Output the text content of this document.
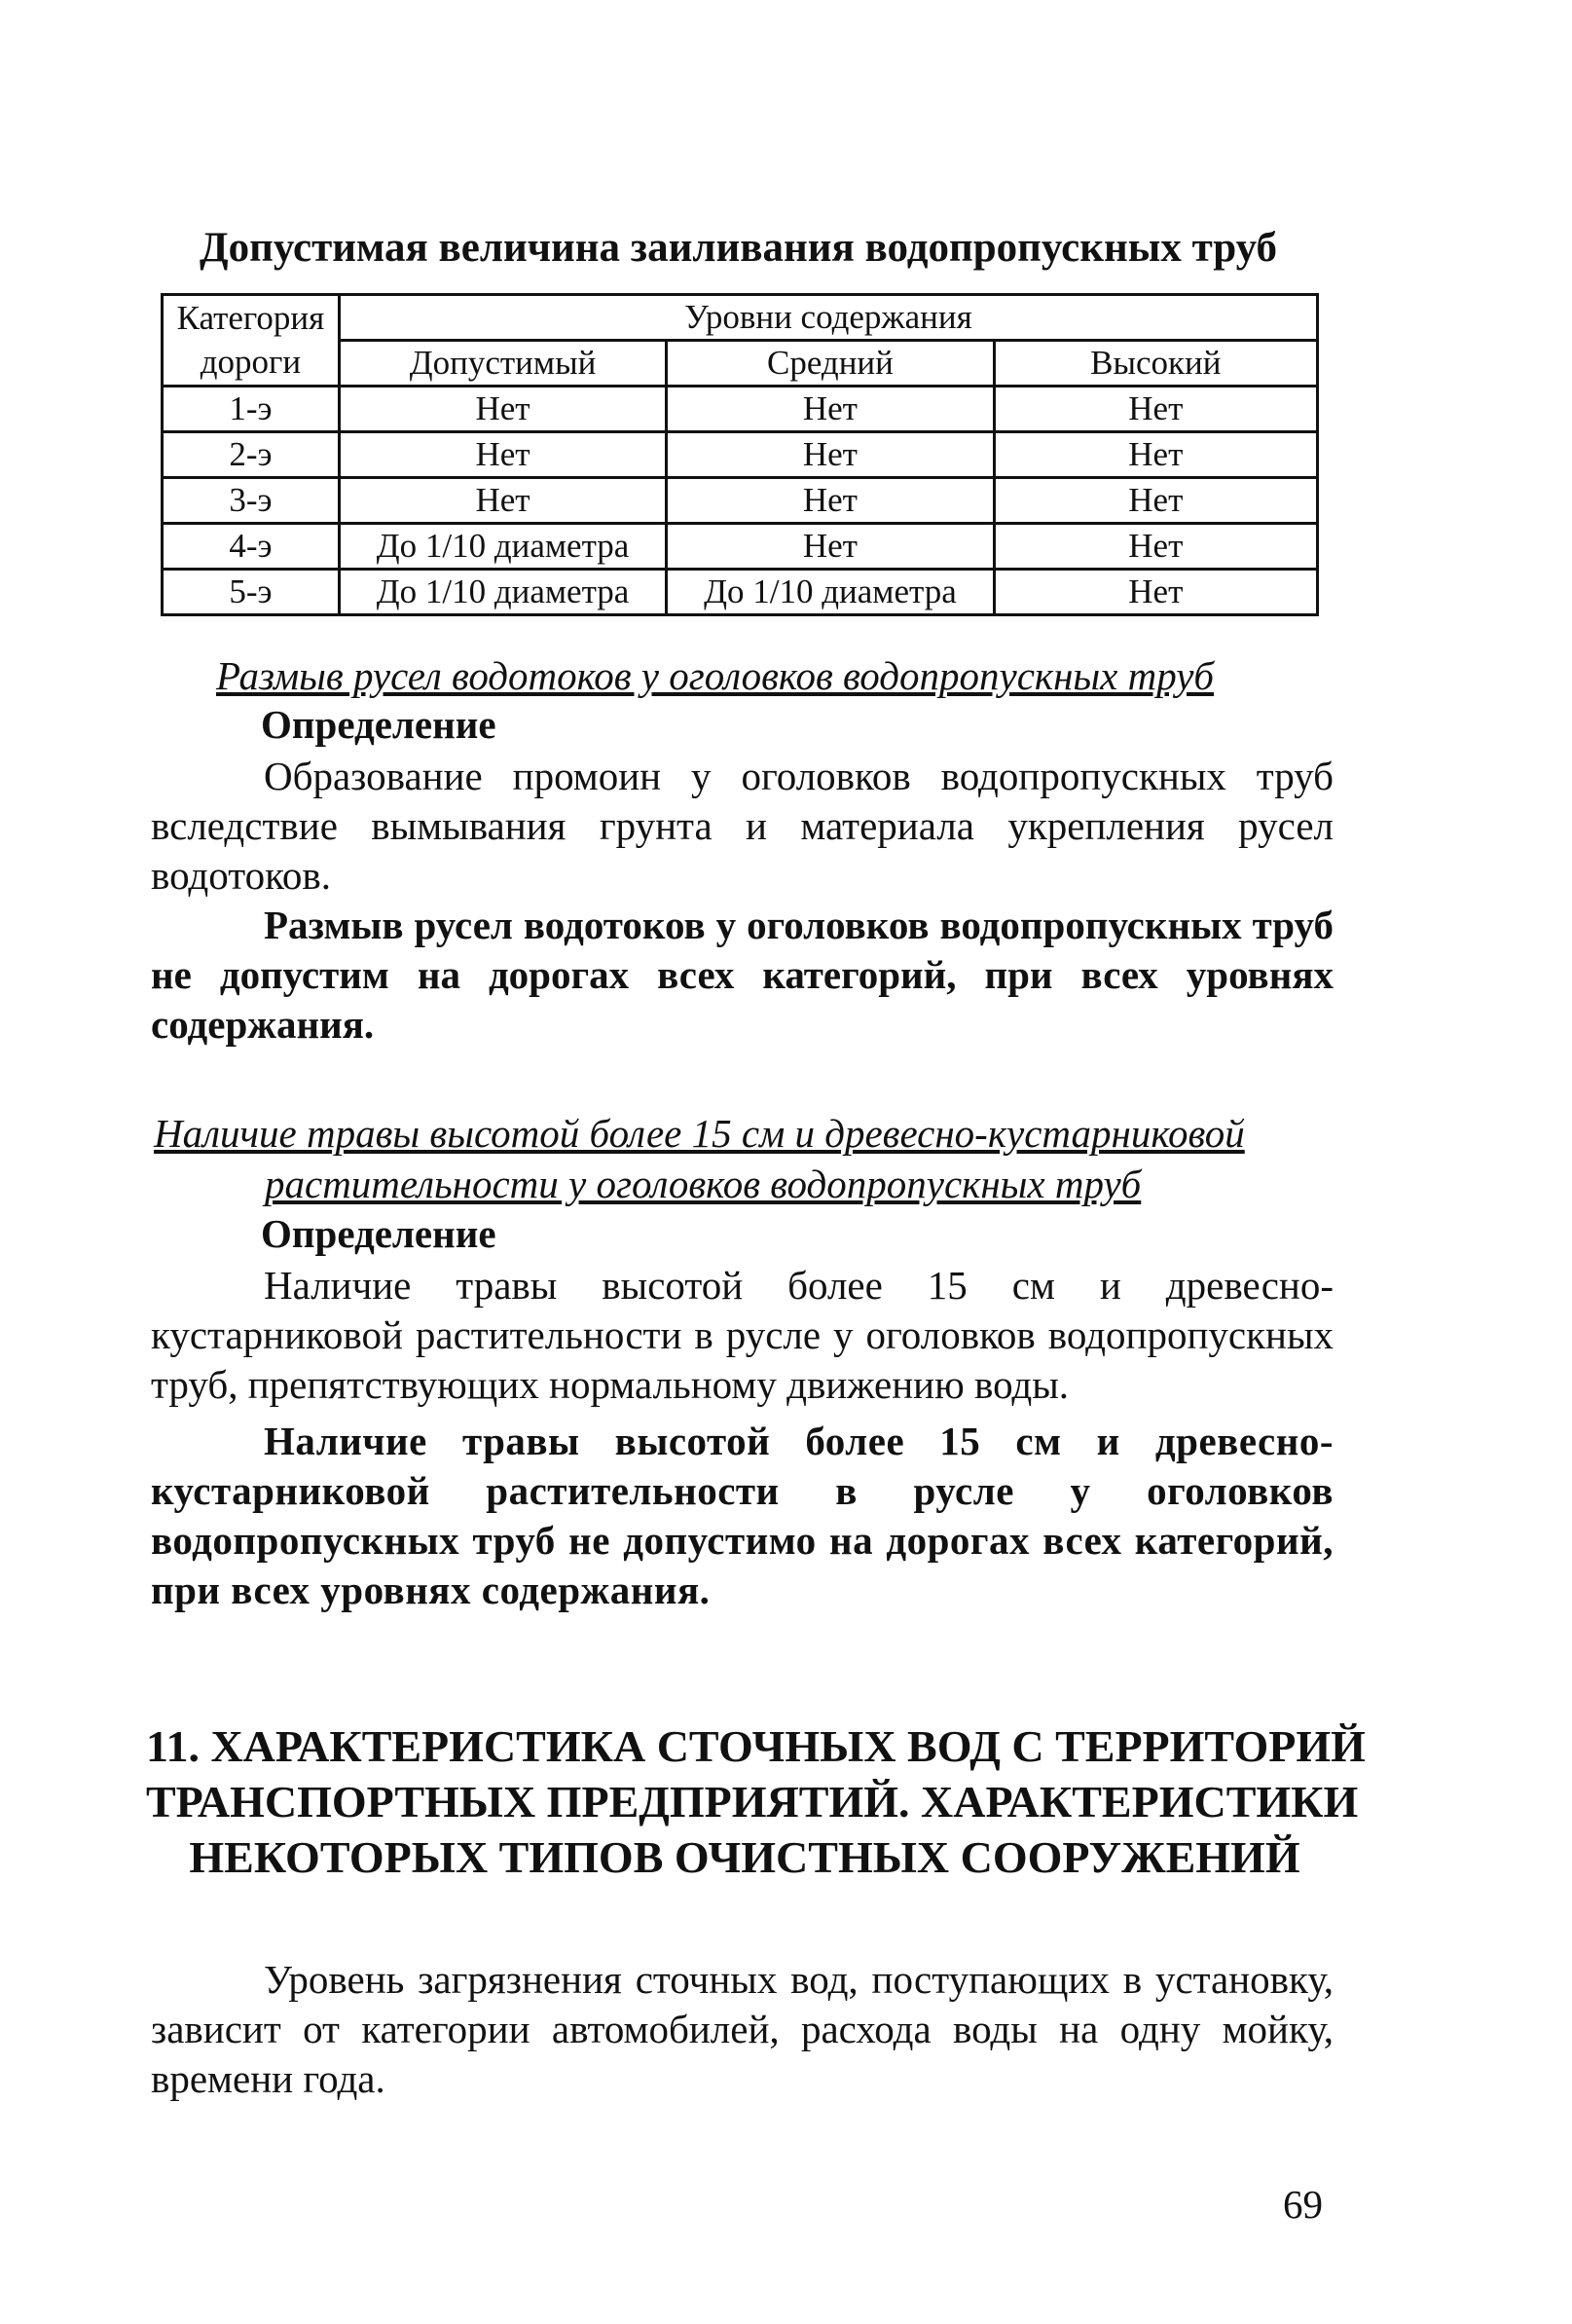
Допустимая величина заиливания водопропускных труб
Категория	Уровни содержания		
дороги	Допустимый	Средний	Высокий
1-э	Нет	Нет	Нет
2-э	Нет	Нет	Нет
3-э	Нет	Нет	Нет
4-э	До 1/10 диаметра	Нет	Нет
5-э	До 1/10 диаметра	До 1/10 диаметра	Нет
Размыв русел водотоков у оголовков водопропускных труб
Определение
Образование промоин у оголовков водопропускных труб вследствие вымывания грунта и материала укрепления русел водотоков.
Размыв русел водотоков у оголовков водопропускных труб не допустим на дорогах всех категорий, при всех уровнях содержания.
Наличие травы высотой более 15 см и древесно-кустарниковой
растительности у оголовков водопропускных труб
Определение
Наличие травы высотой более 15 см и древесно-кустарниковой растительности в русле у оголовков водопропускных труб, препятствующих нормальному движению воды.
Наличие травы высотой более 15 см и древесно-кустарниковой растительности в русле у оголовков водопропускных труб не допустимо на дорогах всех категорий, при всех уровнях содержания.
11. ХАРАКТЕРИСТИКА СТОЧНЫХ ВОД С ТЕРРИТОРИЙ
ТРАНСПОРТНЫХ ПРЕДПРИЯТИЙ. ХАРАКТЕРИСТИКИ
НЕКОТОРЫХ ТИПОВ ОЧИСТНЫХ СООРУЖЕНИЙ
Уровень загрязнения сточных вод, поступающих в установку, зависит от категории автомобилей, расхода воды на одну мойку, времени года.
69
